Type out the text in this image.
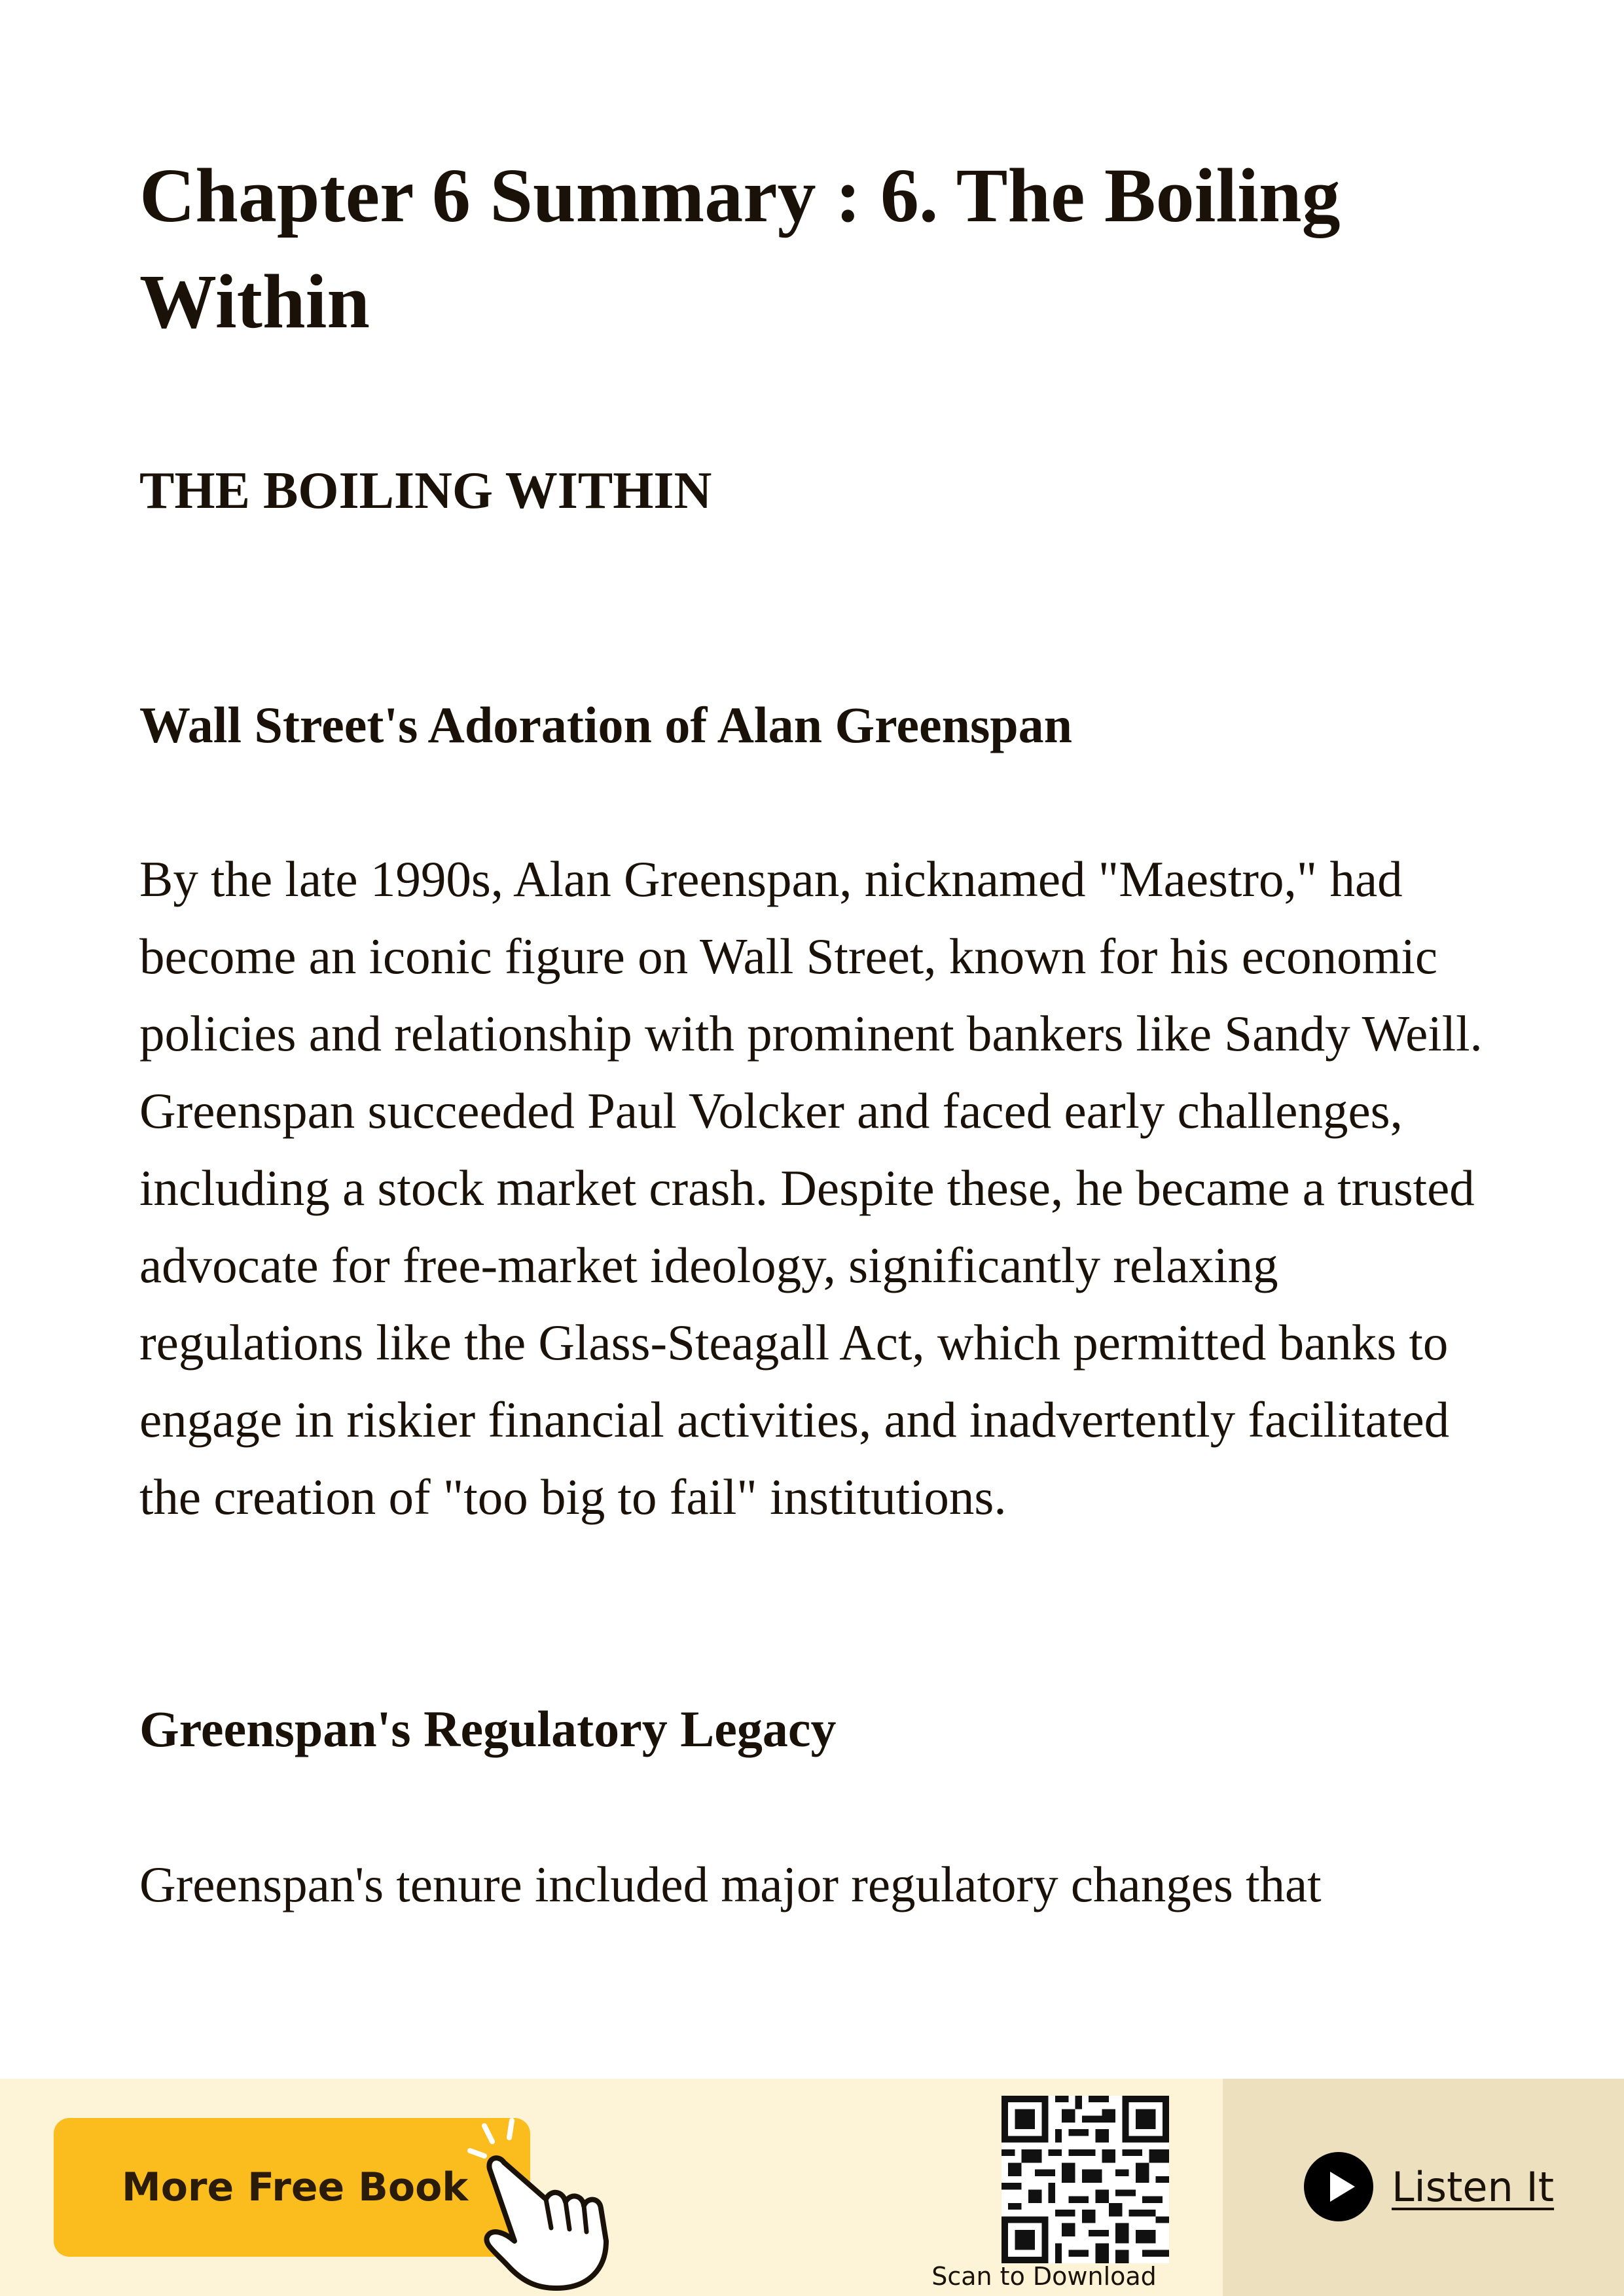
Chapter 6 Summary : 6. The Boiling Within
THE BOILING WITHIN
Wall Street's Adoration of Alan Greenspan

By the late 1990s, Alan Greenspan, nicknamed "Maestro," had become an iconic figure on Wall Street, known for his economic policies and relationship with prominent bankers like Sandy Weill. Greenspan succeeded Paul Volcker and faced early challenges, including a stock market crash. Despite these, he became a trusted advocate for free-market ideology, significantly relaxing regulations like the Glass-Steagall Act, which permitted banks to engage in riskier financial activities, and inadvertently facilitated the creation of "too big to fail" institutions.

Greenspan's Regulatory Legacy

Greenspan's tenure included major regulatory changes that

More Free Book
Scan to Download
Listen It
